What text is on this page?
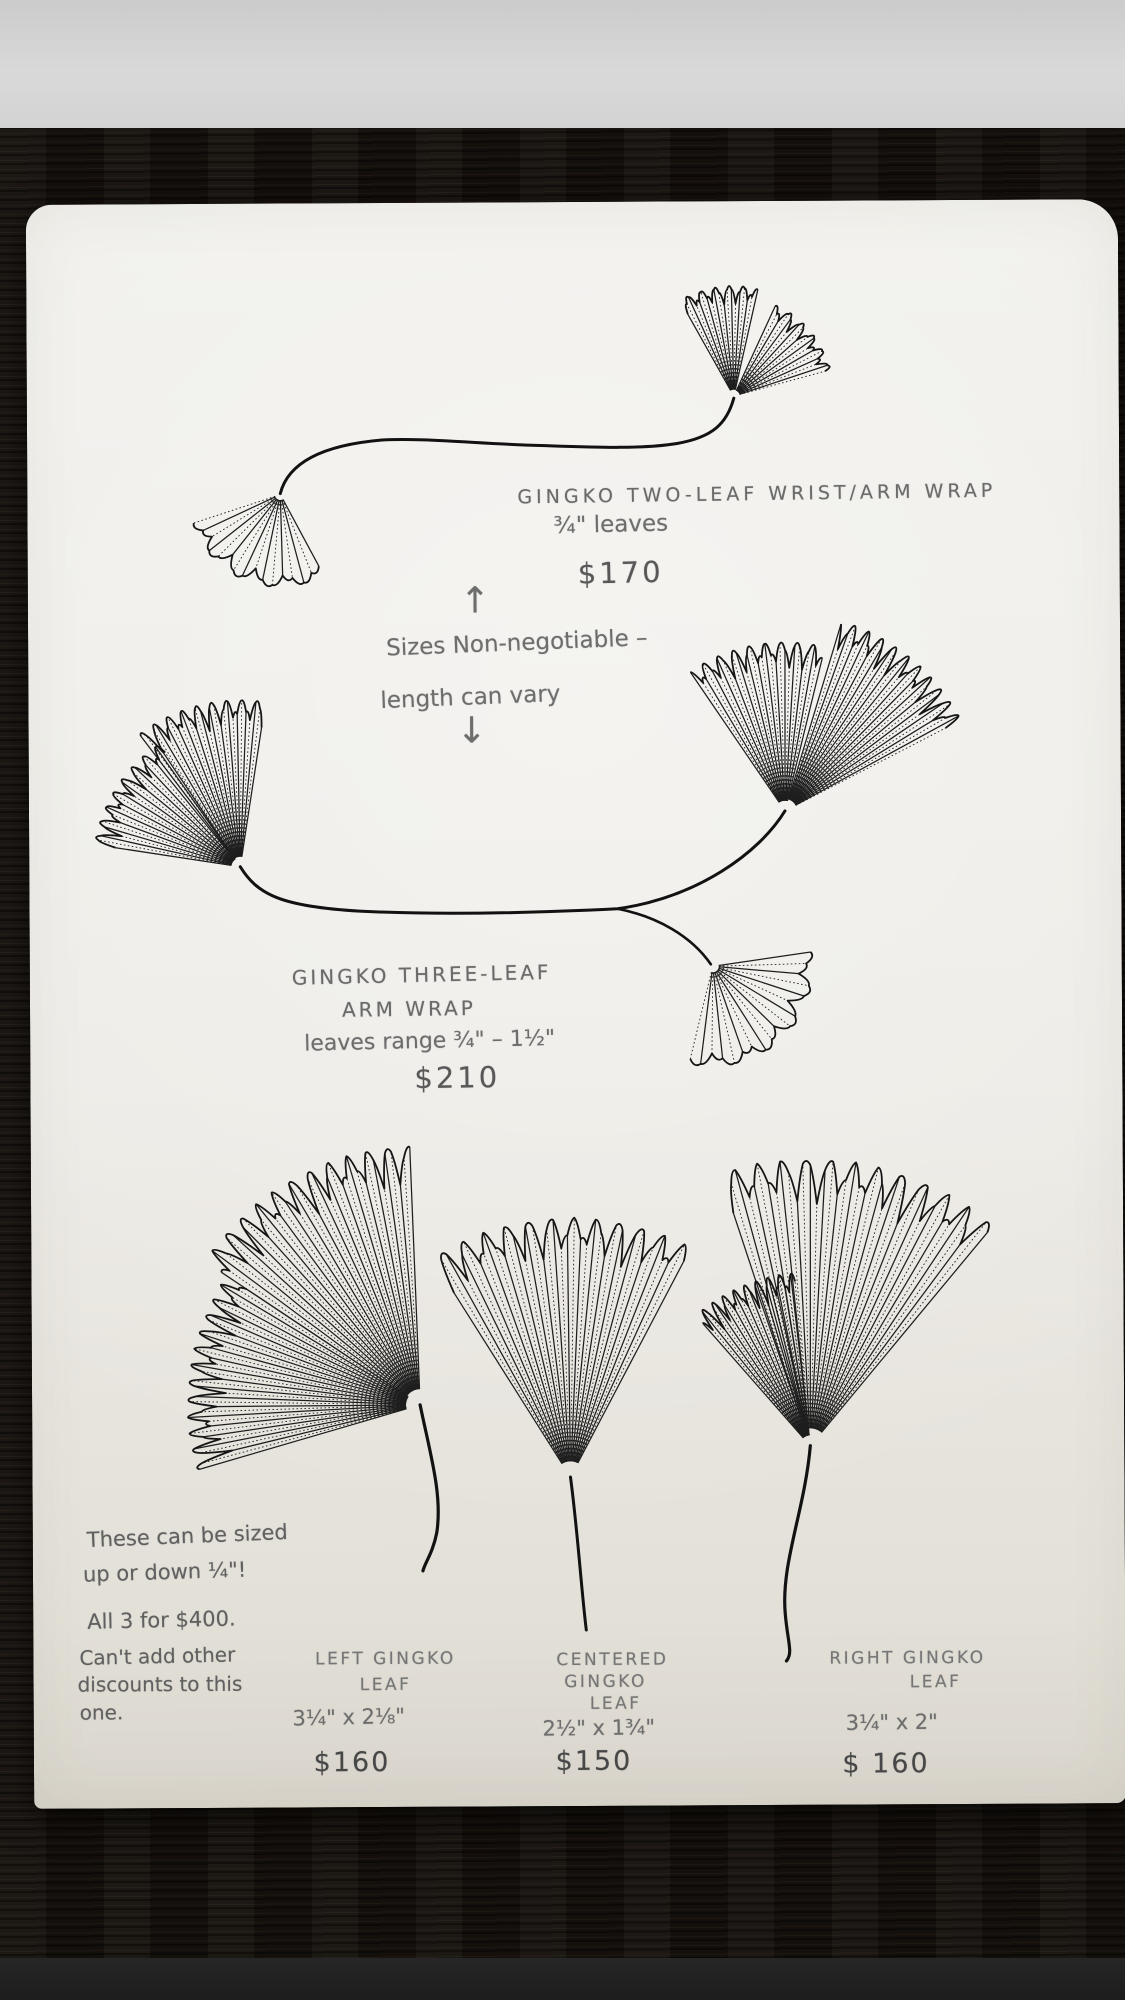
GINGKO TWO-LEAF WRIST/ARM WRAP
¾" leaves
$170
↑
Sizes Non-negotiable –
length can vary
↓
GINGKO THREE-LEAF
ARM WRAP
leaves range ¾" – 1½"
$210
These can be sized
up or down ¼"!
All 3 for $400.
Can't add other
discounts to this
one.
LEFT GINGKO
LEAF
3¼" x 2⅛"
$160
CENTERED
GINGKO
LEAF
2½" x 1¾"
$150
RIGHT GINGKO
LEAF
3¼" x 2"
$ 160
